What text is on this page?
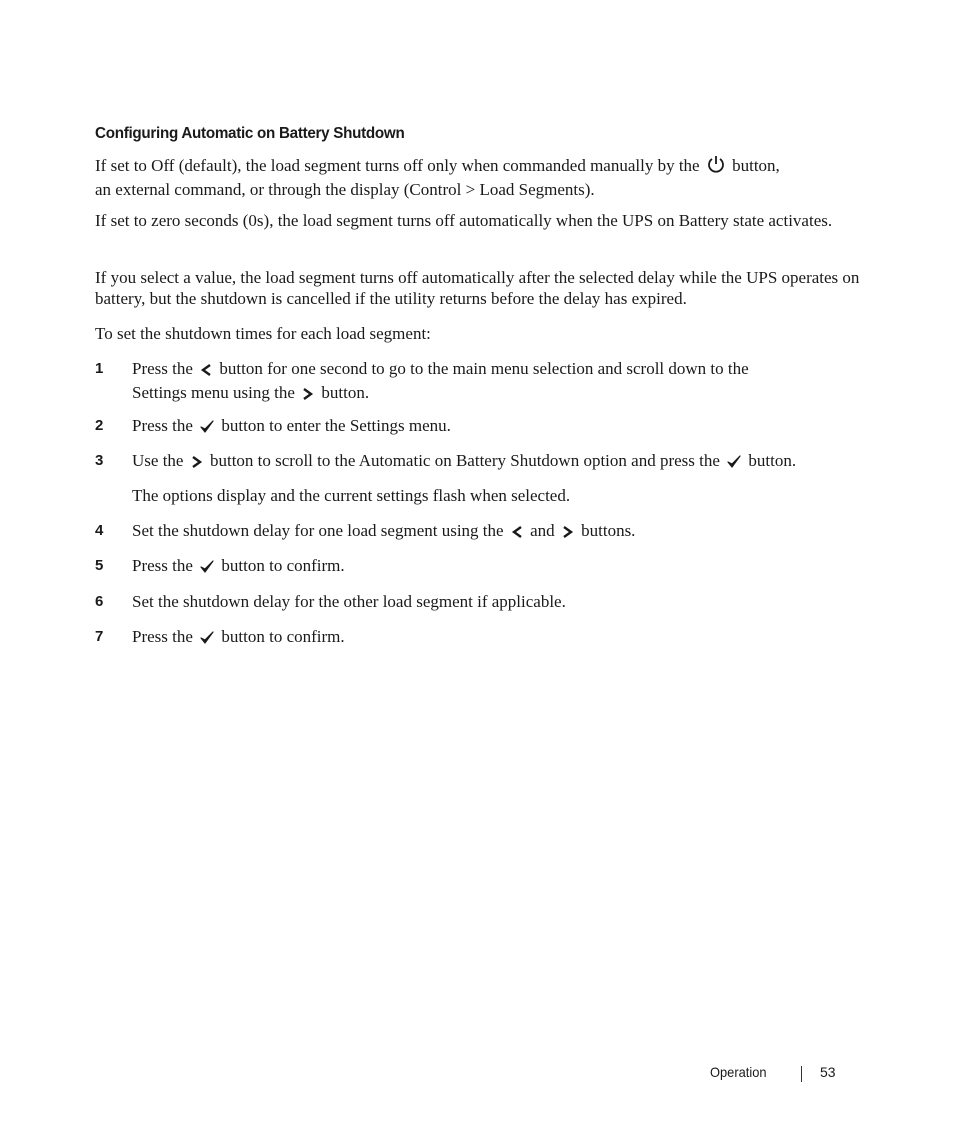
Configuring Automatic on Battery Shutdown
If set to Off (default), the load segment turns off only when commanded manually by the button,
an external command, or through the display (Control > Load Segments).
If set to zero seconds (0s), the load segment turns off automatically when the UPS on Battery state activates.
If you select a value, the load segment turns off automatically after the selected delay while the UPS operates on battery, but the shutdown is cancelled if the utility returns before the delay has expired.
To set the shutdown times for each load segment:
1 Press the button for one second to go to the main menu selection and scroll down to the
Settings menu using the button.
2 Press the button to enter the Settings menu.
3 Use the button to scroll to the Automatic on Battery Shutdown option and press the button.
The options display and the current settings flash when selected.
4 Set the shutdown delay for one load segment using the and buttons.
5 Press the button to confirm.
6 Set the shutdown delay for the other load segment if applicable.
7 Press the button to confirm.
Operation	53
